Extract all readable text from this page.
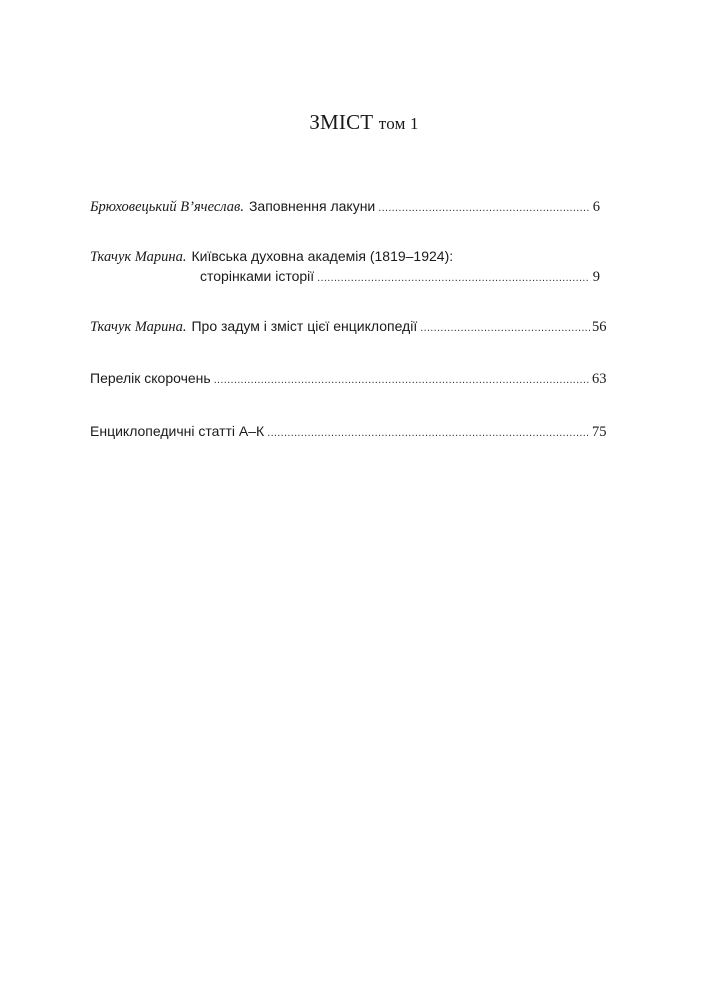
ЗМІСТ том 1
Брюховецький В’ячеслав. Заповнення лакуни .....	6
Ткачук Марина. Київська духовна академія (1819–1924):
сторінками історії .....	9
Ткачук Марина. Про задум і зміст цієї енциклопедії .....	56
Перелік скорочень .....	63
Енциклопедичні статті А–К .....	75
